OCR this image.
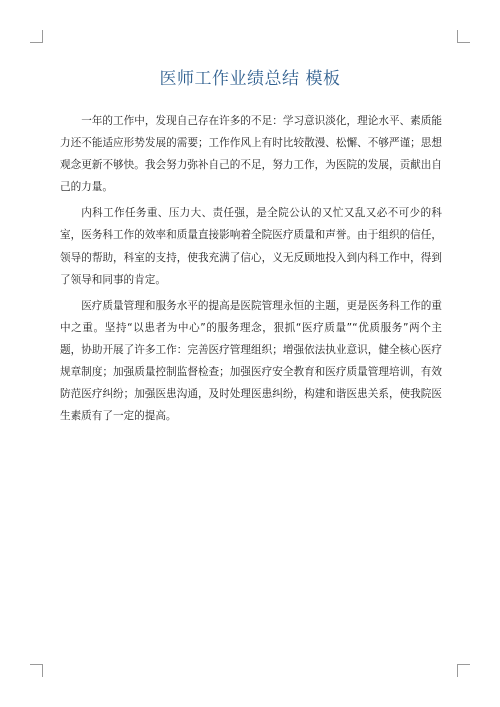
医师工作业绩总结 模板

一年的工作中，发现自己存在许多的不足：学习意识淡化，理论水平、素质能力还不能适应形势发展的需要；工作作风上有时比较散漫、松懈、不够严谨；思想观念更新不够快。我会努力弥补自己的不足，努力工作，为医院的发展，贡献出自己的力量。

内科工作任务重、压力大、责任强，是全院公认的又忙又乱又必不可少的科室，医务科工作的效率和质量直接影响着全院医疗质量和声誉。由于组织的信任，领导的帮助，科室的支持，使我充满了信心，义无反顾地投入到内科工作中，得到了领导和同事的肯定。

医疗质量管理和服务水平的提高是医院管理永恒的主题，更是医务科工作的重中之重。坚持“以患者为中心”的服务理念，狠抓“医疗质量”“优质服务”两个主题，协助开展了许多工作：完善医疗管理组织；增强依法执业意识，健全核心医疗规章制度；加强质量控制监督检查；加强医疗安全教育和医疗质量管理培训，有效防范医疗纠纷；加强医患沟通，及时处理医患纠纷，构建和谐医患关系，使我院医生素质有了一定的提高。
